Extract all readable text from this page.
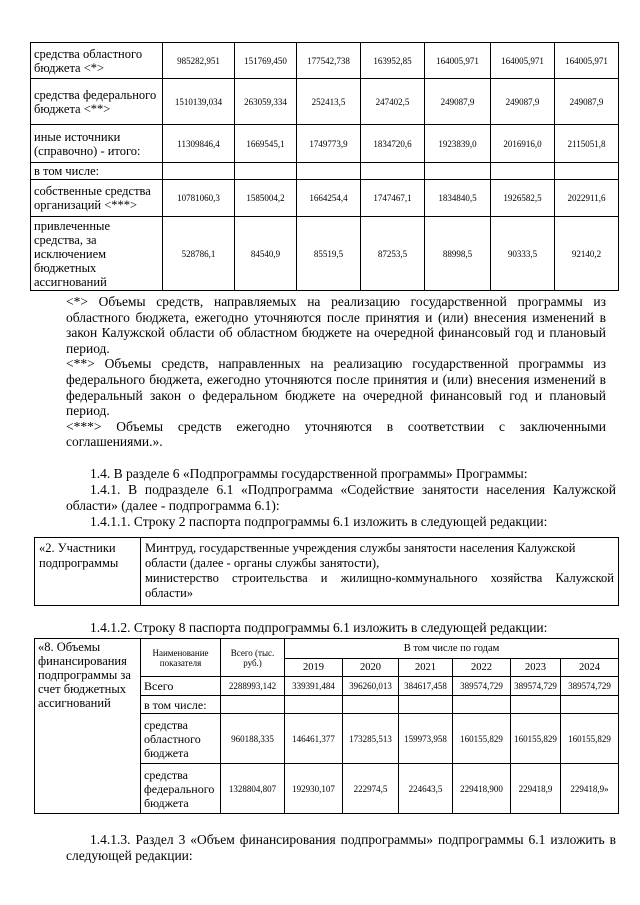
средства областного бюджета <*>	985282,951	151769,450	177542,738	163952,85	164005,971	164005,971	164005,971
средства федерального бюджета <**>	1510139,034	263059,334	252413,5	247402,5	249087,9	249087,9	249087,9
иные источники (справочно) - итого:	11309846,4	1669545,1	1749773,9	1834720,6	1923839,0	2016916,0	2115051,8
в том числе:							
собственные средства организаций <***>	10781060,3	1585004,2	1664254,4	1747467,1	1834840,5	1926582,5	2022911,6
привлеченные средства, за исключением бюджетных ассигнований	528786,1	84540,9	85519,5	87253,5	88998,5	90333,5	92140,2

<*> Объемы средств, направляемых на реализацию государственной программы из областного бюджета, ежегодно уточняются после принятия и (или) внесения изменений в закон Калужской области об областном бюджете на очередной финансовый год и плановый период.

<**> Объемы средств, направленных на реализацию государственной программы из федерального бюджета, ежегодно уточняются после принятия и (или) внесения изменений в федеральный закон о федеральном бюджете на очередной финансовый год и плановый период.

<***> Объемы средств ежегодно уточняются в соответствии с заключенными соглашениями.».

1.4. В разделе 6 «Подпрограммы государственной программы» Программы:

1.4.1. В подразделе 6.1 «Подпрограмма «Содействие занятости населения Калужской области» (далее - подпрограмма 6.1):

1.4.1.1. Строку 2 паспорта подпрограммы 6.1 изложить в следующей редакции:

«2. Участники подпрограммы	
Минтруд, государственные учреждения службы занятости населения Калужской области (далее - органы службы занятости),
министерство строительства и жилищно-коммунального хозяйства Калужской области»

1.4.1.2. Строку 8 паспорта подпрограммы 6.1 изложить в следующей редакции:

«8. Объемы финансирования подпрограммы за счет бюджетных ассигнований	Наименование показателя	Всего (тыс. руб.)	В том числе по годам					
			2019	2020	2021	2022	2023	2024
	Всего	2288993,142	339391,484	396260,013	384617,458	389574,729	389574,729	389574,729
	в том числе:							
	средства областного бюджета	960188,335	146461,377	173285,513	159973,958	160155,829	160155,829	160155,829
	средства федерального бюджета	1328804,807	192930,107	222974,5	224643,5	229418,900	229418,9	229418,9»

1.4.1.3. Раздел 3 «Объем финансирования подпрограммы» подпрограммы 6.1 изложить в следующей редакции:
